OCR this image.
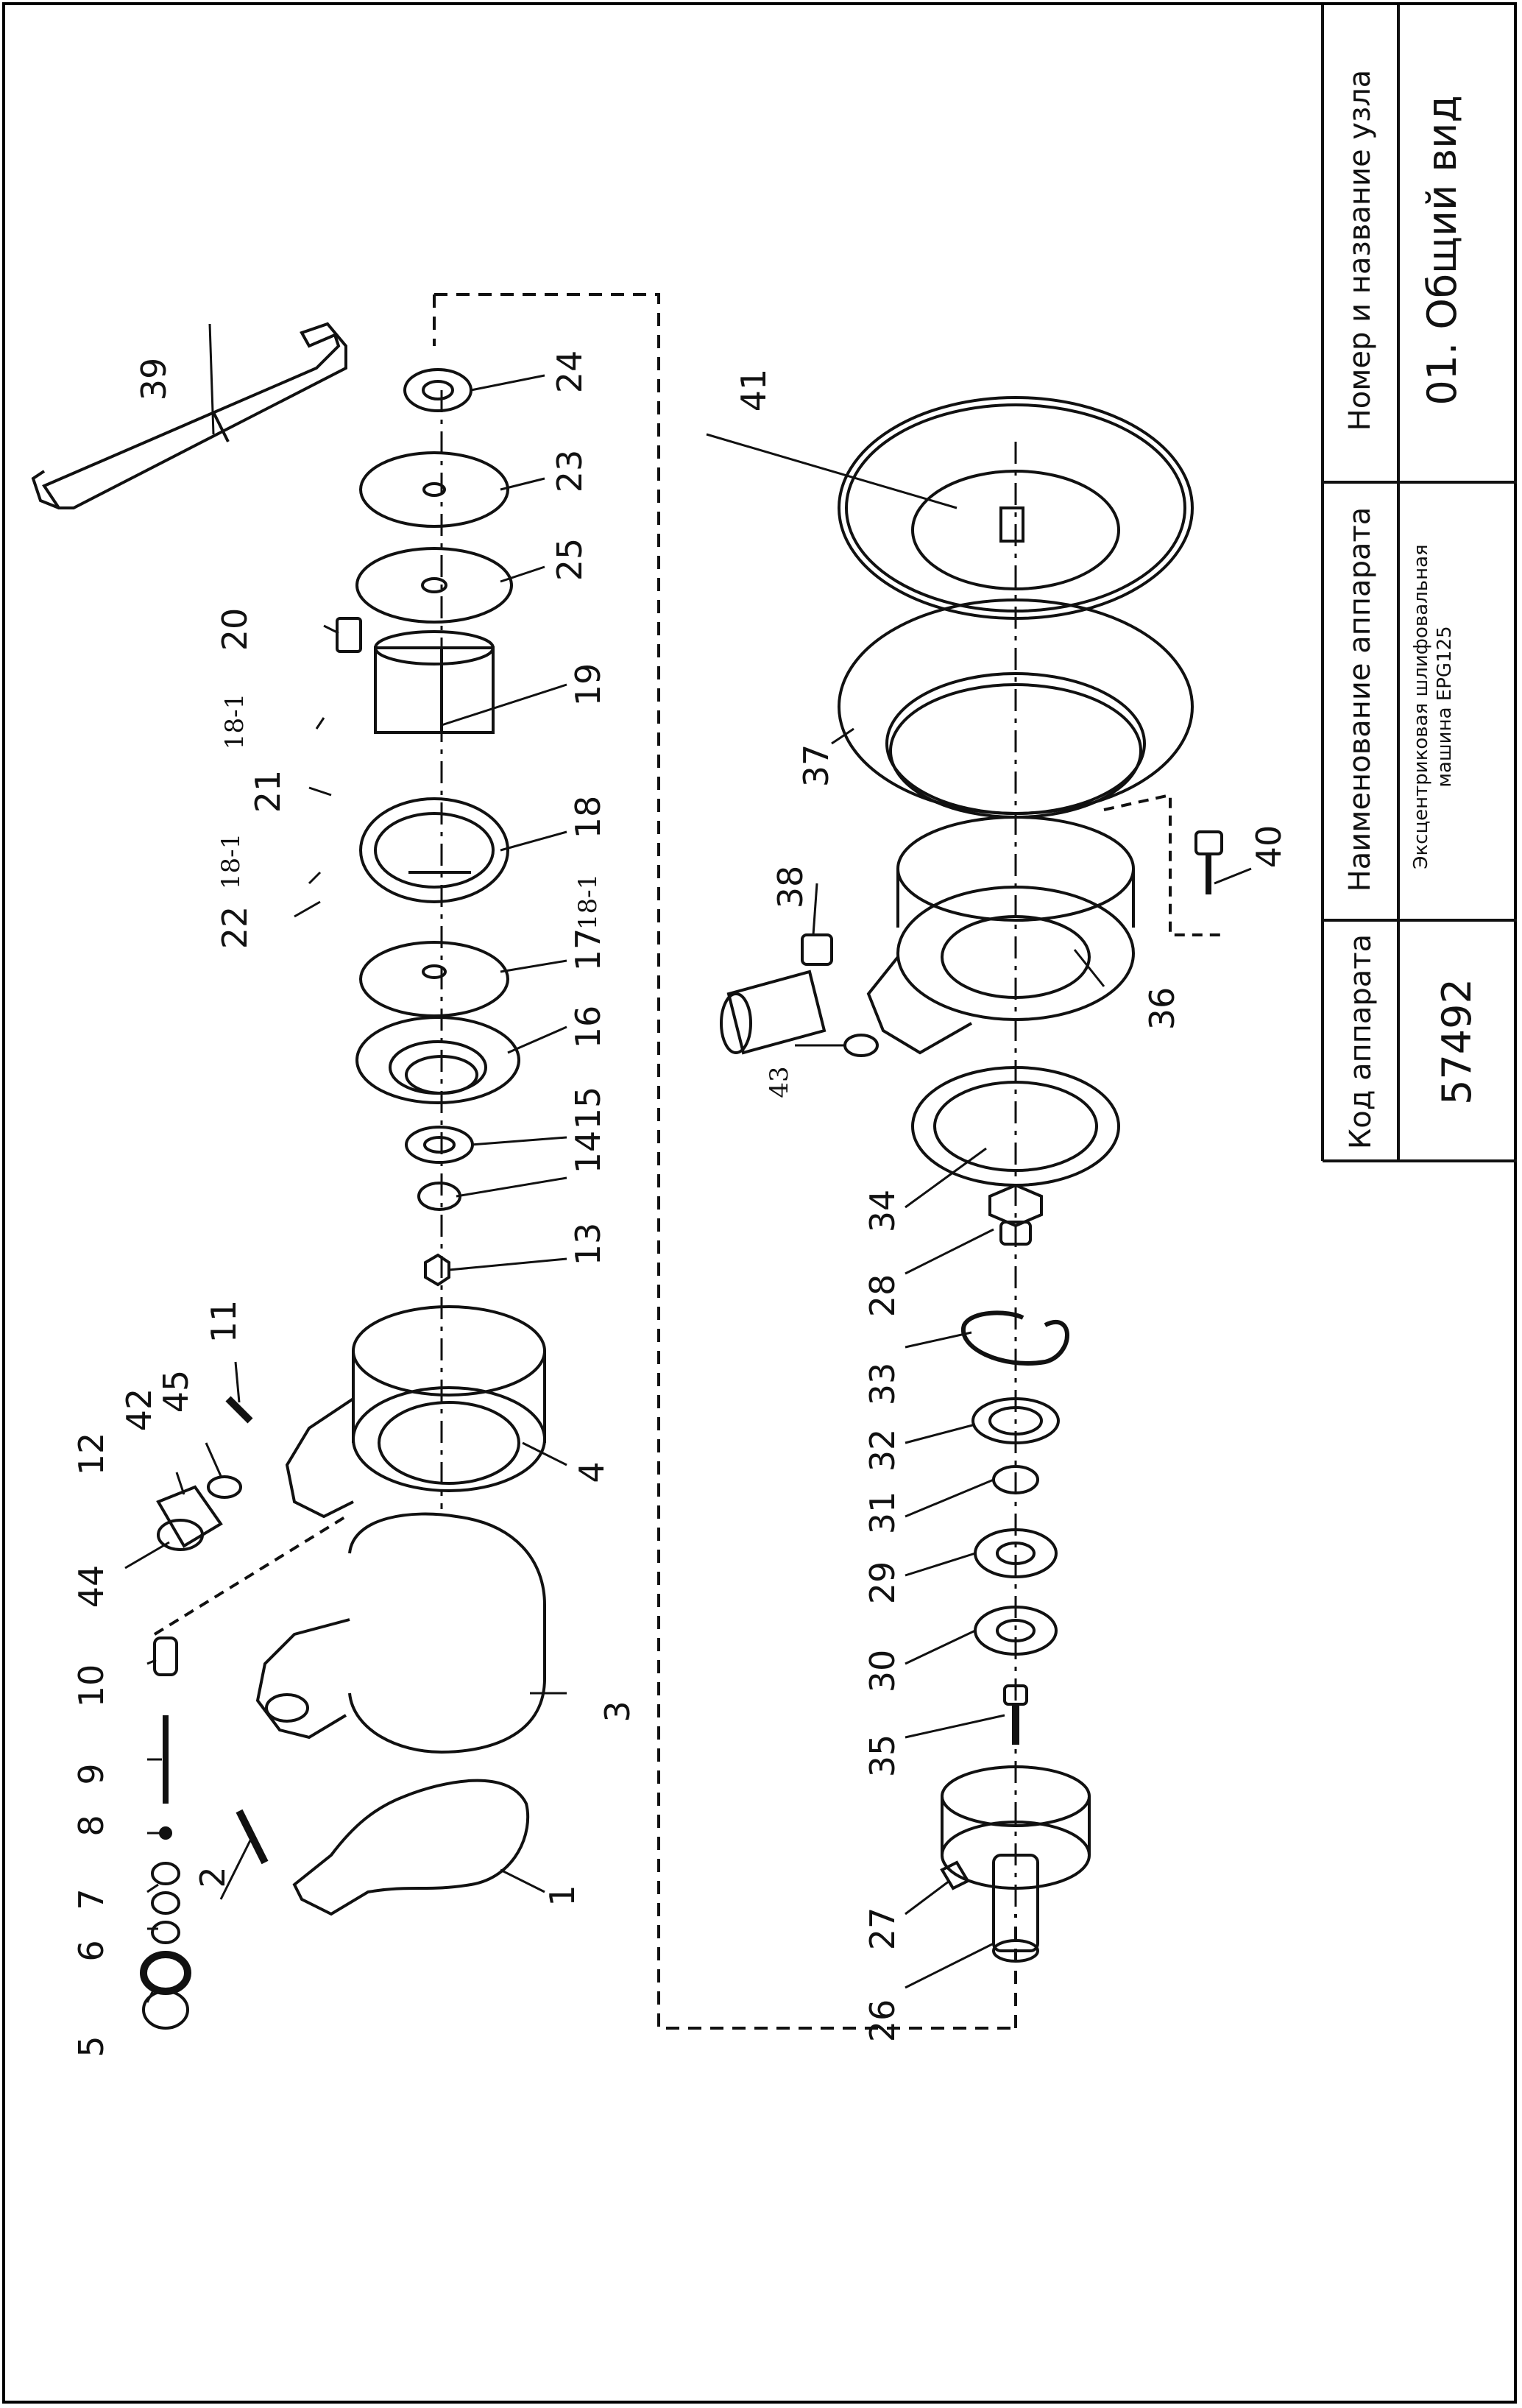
24
23
25
19
18
18-1
17
16
15
14
13
4
3
1
2
5
6
7
8
9
10
44
12
42
45
11
39
20
18-1
21
18-1
22
41
37
38
40
36
43
34
28
33
32
31
29
30
35
27
26
Номер и название узла 01. Общий вид
Наименование аппарата Эксцентриковая шлифовальная машина EPG125
Код аппарата 57492
